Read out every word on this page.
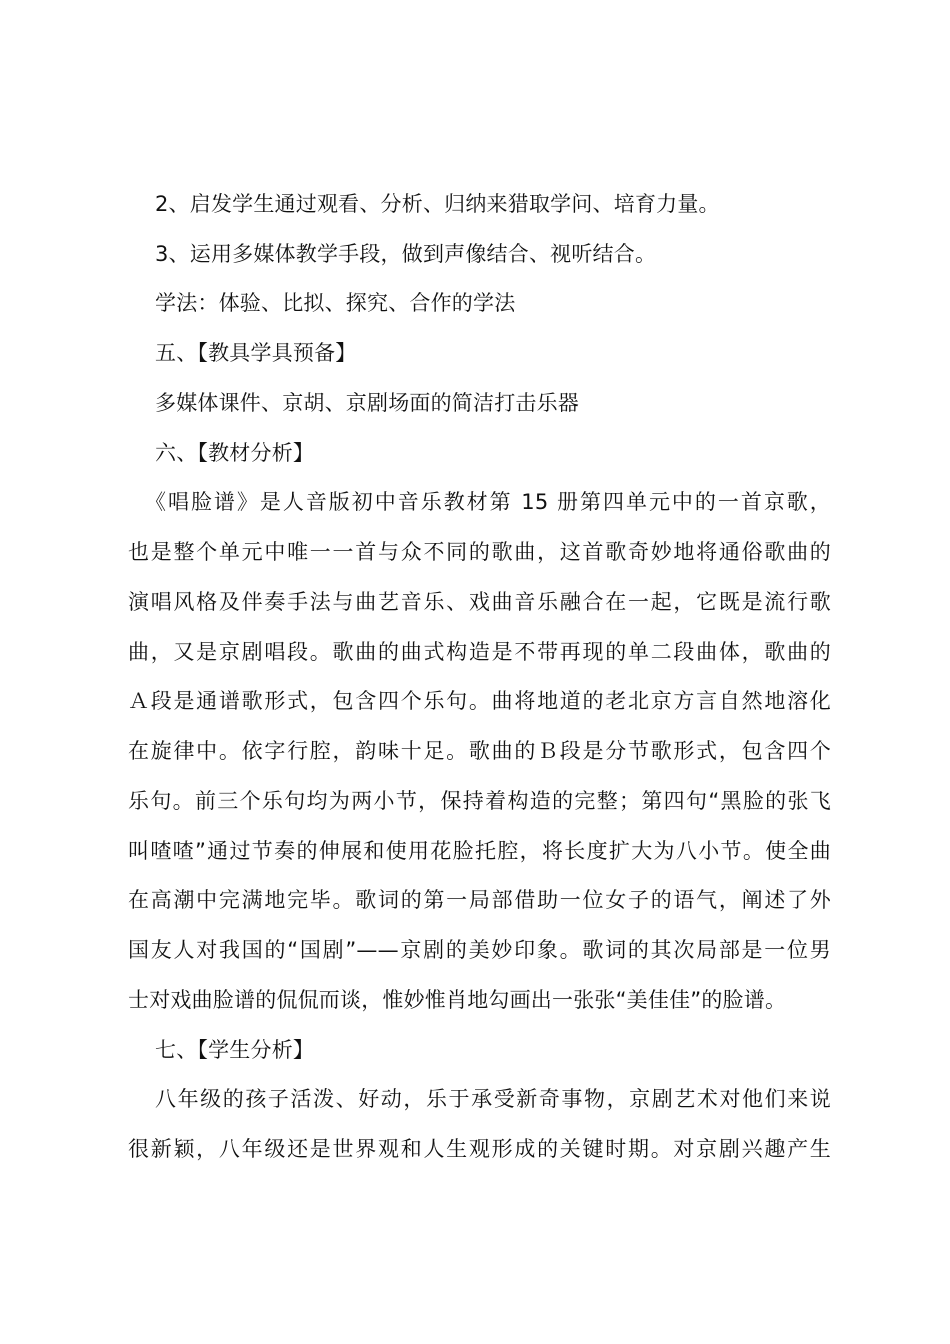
2、启发学生通过观看、分析、归纳来猎取学问、培育力量。
3、运用多媒体教学手段，做到声像结合、视听结合。
学法：体验、比拟、探究、合作的学法
五、【教具学具预备】
多媒体课件、京胡、京剧场面的简洁打击乐器
六、【教材分析】
《唱脸谱》是人音版初中音乐教材第 15 册第四单元中的一首京歌，
也是整个单元中唯一一首与众不同的歌曲，这首歌奇妙地将通俗歌曲的
演唱风格及伴奏手法与曲艺音乐、戏曲音乐融合在一起，它既是流行歌
曲，又是京剧唱段。歌曲的曲式构造是不带再现的单二段曲体，歌曲的
Ａ段是通谱歌形式，包含四个乐句。曲将地道的老北京方言自然地溶化
在旋律中。依字行腔，韵味十足。歌曲的Ｂ段是分节歌形式，包含四个
乐句。前三个乐句均为两小节，保持着构造的完整；第四句“黑脸的张飞
叫喳喳”通过节奏的伸展和使用花脸托腔，将长度扩大为八小节。使全曲
在高潮中完满地完毕。歌词的第一局部借助一位女子的语气，阐述了外
国友人对我国的“国剧”——京剧的美妙印象。歌词的其次局部是一位男
士对戏曲脸谱的侃侃而谈，惟妙惟肖地勾画出一张张“美佳佳”的脸谱。
七、【学生分析】
八年级的孩子活泼、好动，乐于承受新奇事物，京剧艺术对他们来说
很新颖，八年级还是世界观和人生观形成的关键时期。对京剧兴趣产生
